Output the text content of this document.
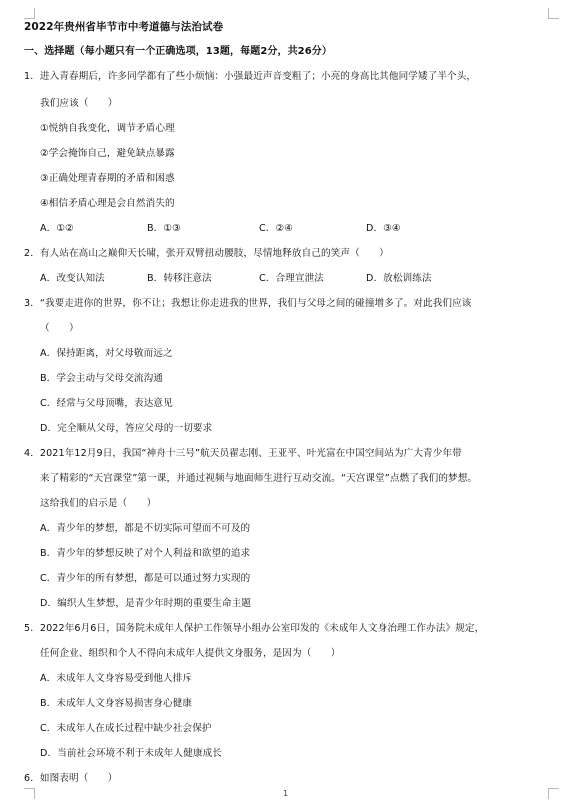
2022年贵州省毕节市中考道德与法治试卷
一、选择题（每小题只有一个正确选项，13题，每题2分，共26分）
1．进入青春期后，许多同学都有了些小烦恼：小强最近声音变粗了；小亮的身高比其他同学矮了半个头，
我们应该（　　）
①悦纳自我变化，调节矛盾心理
②学会掩饰自己，避免缺点暴露
③正确处理青春期的矛盾和困惑
④相信矛盾心理是会自然消失的
A．①②	B．①③	C．②④	D．③④
2．有人站在高山之巅仰天长啸，张开双臂扭动腰肢，尽情地释放自己的笑声（　　）
A．改变认知法	B．转移注意法	C．合理宣泄法	D．放松训练法
3．“我要走进你的世界，你不让；我想让你走进我的世界，我们与父母之间的碰撞增多了。对此我们应该
（　　）
A．保持距离，对父母敬而远之
B．学会主动与父母交流沟通
C．经常与父母顶嘴，表达意见
D．完全顺从父母，答应父母的一切要求
4．2021年12月9日，我国“神舟十三号”航天员翟志刚、王亚平、叶光富在中国空间站为广大青少年带
来了精彩的“天宫课堂”第一课，并通过视频与地面师生进行互动交流。“天宫课堂”点燃了我们的梦想。
这给我们的启示是（　　）
A．青少年的梦想，都是不切实际可望而不可及的
B．青少年的梦想反映了对个人利益和欲望的追求
C．青少年的所有梦想，都是可以通过努力实现的
D．编织人生梦想，是青少年时期的重要生命主题
5．2022年6月6日，国务院未成年人保护工作领导小组办公室印发的《未成年人文身治理工作办法》规定，
任何企业、组织和个人不得向未成年人提供文身服务，是因为（　　）
A．未成年人文身容易受到他人排斥
B．未成年人文身容易损害身心健康
C．未成年人在成长过程中缺少社会保护
D．当前社会环境不利于未成年人健康成长
6．如图表明（　　）
1
